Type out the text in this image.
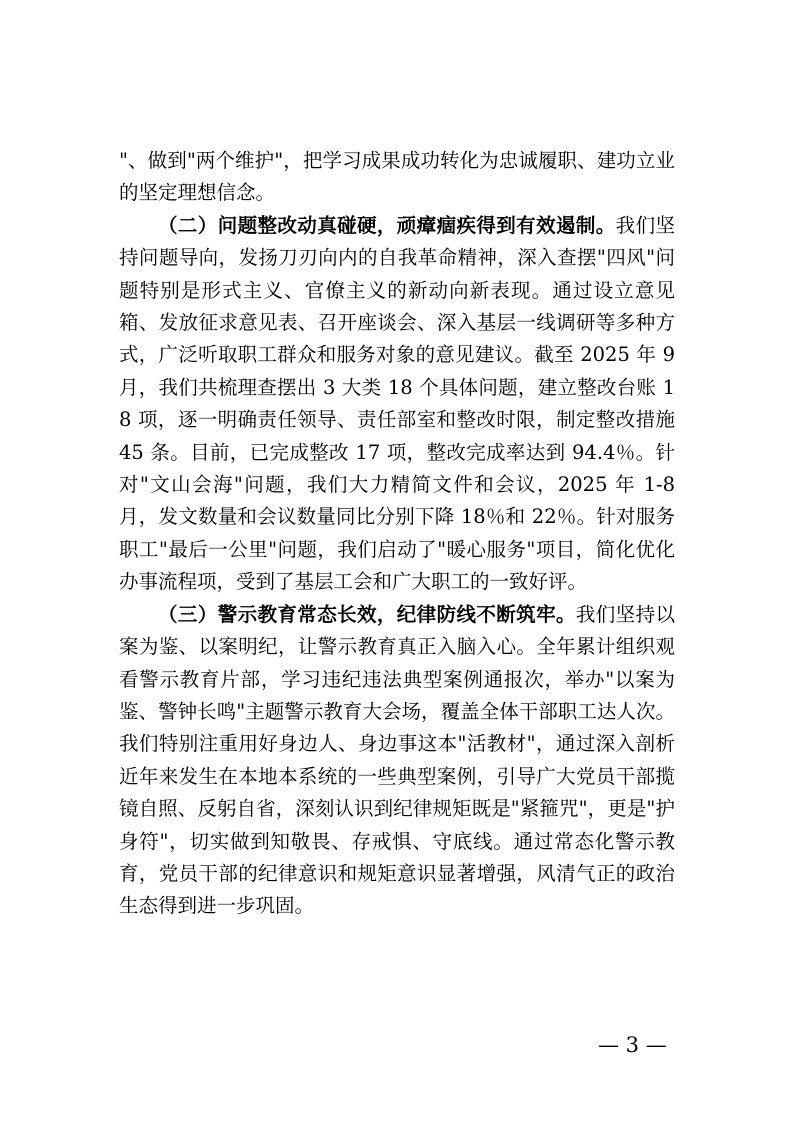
"、做到"两个维护"，把学习成果成功转化为忠诚履职、建功立业的坚定理想信念。

（二）问题整改动真碰硬，顽瘴痼疾得到有效遏制。我们坚持问题导向，发扬刀刃向内的自我革命精神，深入查摆"四风"问题特别是形式主义、官僚主义的新动向新表现。通过设立意见箱、发放征求意见表、召开座谈会、深入基层一线调研等多种方式，广泛听取职工群众和服务对象的意见建议。截至 2025 年 9 月，我们共梳理查摆出 3 大类 18 个具体问题，建立整改台账 18 项，逐一明确责任领导、责任部室和整改时限，制定整改措施 45 条。目前，已完成整改 17 项，整改完成率达到 94.4％。针对"文山会海"问题，我们大力精简文件和会议，2025 年 1-8 月，发文数量和会议数量同比分别下降 18％和 22％。针对服务职工"最后一公里"问题，我们启动了"暖心服务"项目，简化优化办事流程项，受到了基层工会和广大职工的一致好评。

（三）警示教育常态长效，纪律防线不断筑牢。我们坚持以案为鉴、以案明纪，让警示教育真正入脑入心。全年累计组织观看警示教育片部，学习违纪违法典型案例通报次，举办"以案为鉴、警钟长鸣"主题警示教育大会场，覆盖全体干部职工达人次。我们特别注重用好身边人、身边事这本"活教材"，通过深入剖析近年来发生在本地本系统的一些典型案例，引导广大党员干部揽镜自照、反躬自省，深刻认识到纪律规矩既是"紧箍咒"，更是"护身符"，切实做到知敬畏、存戒惧、守底线。通过常态化警示教育，党员干部的纪律意识和规矩意识显著增强，风清气正的政治生态得到进一步巩固。

— 3 —
